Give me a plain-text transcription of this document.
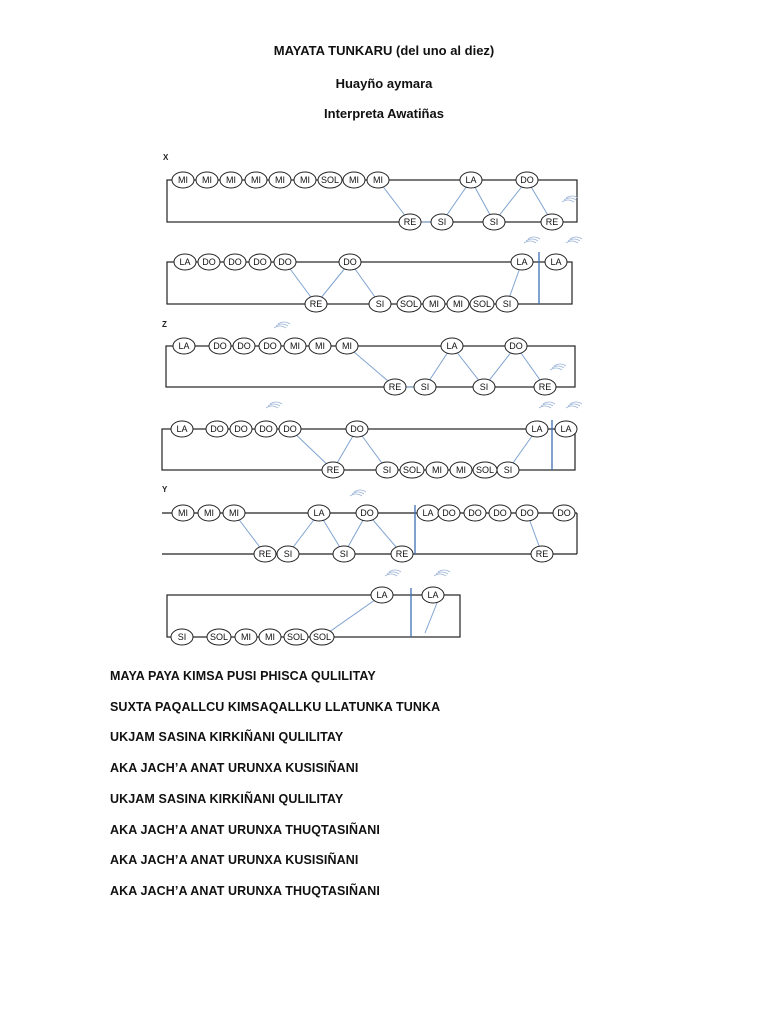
MAYATA TUNKARU (del uno al diez)
Huayño aymara
Interpreta Awatiñas
X
MI MI MI MI MI MI SOL MI MI	LA	DO
RE SI	SI	RE
LA DO DO DO DO	DO	LA	LA
RE	SI SOL MI MI SOL SI
Z
LA	DO DO DO MI MI MI	LA	DO
RE SI	SI	RE
LA	DO DO DO DO	DO	LA LA
RE	SI SOL MI MI SOL SI
Y
MI MI MI	LA	DO	LA DO DO DO DO	DO
RE SI	SI	RE	RE
LA	LA
SI	SOL MI MI SOL SOL
MAYA PAYA KIMSA PUSI PHISCA QULILITAY
SUXTA PAQALLCU KIMSAQALLKU LLATUNKA TUNKA
UKJAM SASINA KIRKIÑANI QULILITAY
AKA JACH’A ANAT URUNXA KUSISIÑANI
UKJAM SASINA KIRKIÑANI QULILITAY
AKA JACH’A ANAT URUNXA THUQTASIÑANI
AKA JACH’A ANAT URUNXA KUSISIÑANI
AKA JACH’A ANAT URUNXA THUQTASIÑANI
